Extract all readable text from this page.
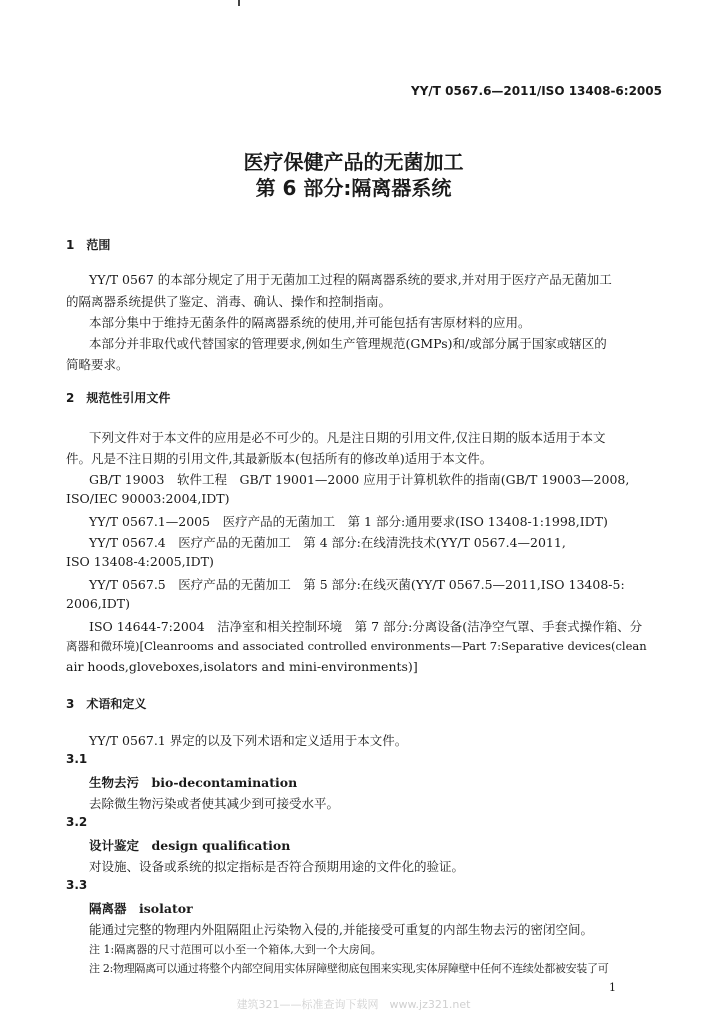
YY/T 0567.6—2011/ISO 13408-6:2005
医疗保健产品的无菌加工
第 6 部分:隔离器系统
1　范围
YY/T 0567 的本部分规定了用于无菌加工过程的隔离器系统的要求,并对用于医疗产品无菌加工
的隔离器系统提供了鉴定、消毒、确认、操作和控制指南。
本部分集中于维持无菌条件的隔离器系统的使用,并可能包括有害原材料的应用。
本部分并非取代或代替国家的管理要求,例如生产管理规范(GMPs)和/或部分属于国家或辖区的
简略要求。
2　规范性引用文件
下列文件对于本文件的应用是必不可少的。凡是注日期的引用文件,仅注日期的版本适用于本文
件。凡是不注日期的引用文件,其最新版本(包括所有的修改单)适用于本文件。
GB/T 19003　软件工程　GB/T 19001—2000 应用于计算机软件的指南(GB/T 19003—2008,
ISO/IEC 90003:2004,IDT)
YY/T 0567.1—2005　医疗产品的无菌加工　第 1 部分:通用要求(ISO 13408-1:1998,IDT)
YY/T 0567.4　医疗产品的无菌加工　第 4 部分:在线清洗技术(YY/T 0567.4—2011,
ISO 13408-4:2005,IDT)
YY/T 0567.5　医疗产品的无菌加工　第 5 部分:在线灭菌(YY/T 0567.5—2011,ISO 13408-5:
2006,IDT)
ISO 14644-7:2004　洁净室和相关控制环境　第 7 部分:分离设备(洁净空气罩、手套式操作箱、分
离器和微环境)[Cleanrooms and associated controlled environments—Part 7:Separative devices(clean
air hoods,gloveboxes,isolators and mini-environments)]
3　术语和定义
YY/T 0567.1 界定的以及下列术语和定义适用于本文件。
3.1
生物去污　bio-decontamination
去除微生物污染或者使其减少到可接受水平。
3.2
设计鉴定　design qualification
对设施、设备或系统的拟定指标是否符合预期用途的文件化的验证。
3.3
隔离器　isolator
能通过完整的物理内外阻隔阻止污染物入侵的,并能接受可重复的内部生物去污的密闭空间。
注 1:隔离器的尺寸范围可以小至一个箱体,大到一个大房间。
注 2:物理隔离可以通过将整个内部空间用实体屏障壁彻底包围来实现,实体屏障壁中任何不连续处都被安装了可
1
建筑321——标准查询下载网　www.jz321.net
